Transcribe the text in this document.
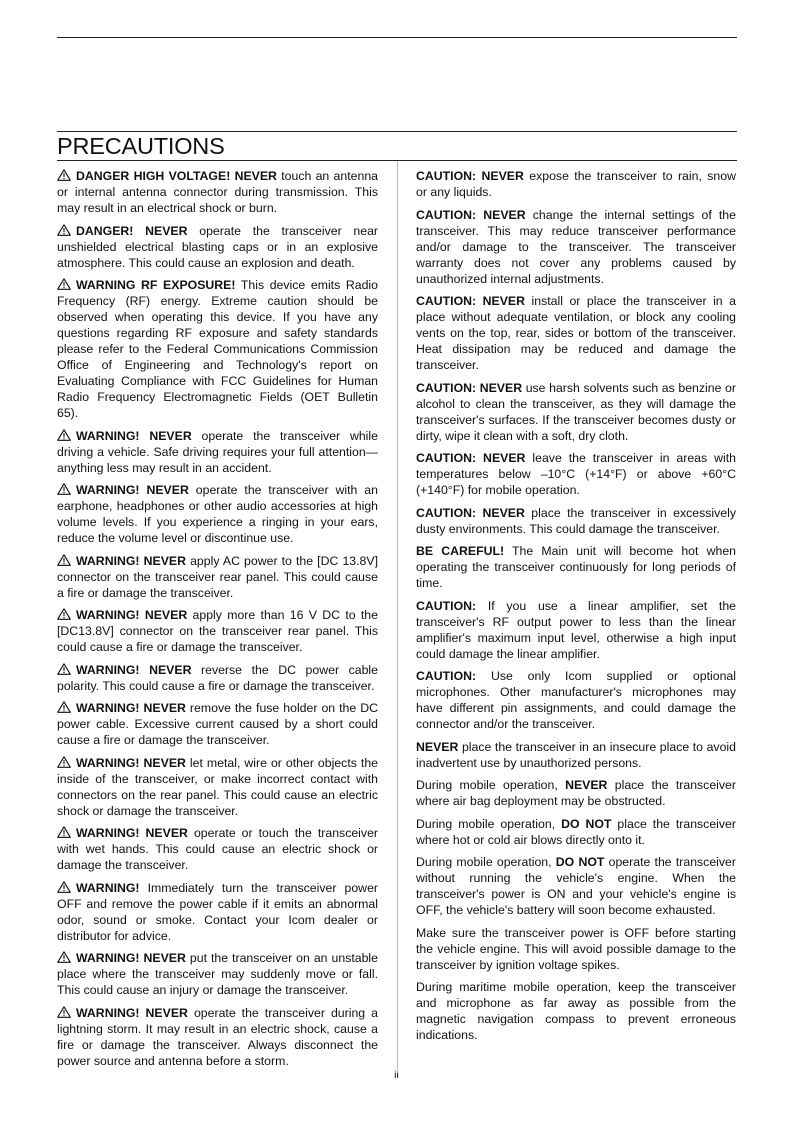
PRECAUTIONS

DANGER HIGH VOLTAGE! NEVER touch an antenna or internal antenna connector during transmission. This may result in an electrical shock or burn.

DANGER! NEVER operate the transceiver near unshielded electrical blasting caps or in an explosive atmosphere. This could cause an explosion and death.

WARNING RF EXPOSURE! This device emits Radio Frequency (RF) energy. Extreme caution should be observed when operating this device. If you have any questions regarding RF exposure and safety standards please refer to the Federal Communications Commission Office of Engineering and Technology's report on Evaluating Compliance with FCC Guidelines for Human Radio Frequency Electromagnetic Fields (OET Bulletin 65).

WARNING! NEVER operate the transceiver while driving a vehicle. Safe driving requires your full attention—anything less may result in an accident.

WARNING! NEVER operate the transceiver with an earphone, headphones or other audio accessories at high volume levels. If you experience a ringing in your ears, reduce the volume level or discontinue use.

WARNING! NEVER apply AC power to the [DC 13.8V] connector on the transceiver rear panel. This could cause a fire or damage the transceiver.

WARNING! NEVER apply more than 16 V DC to the [DC13.8V] connector on the transceiver rear panel. This could cause a fire or damage the transceiver.

WARNING! NEVER reverse the DC power cable polarity. This could cause a fire or damage the transceiver.

WARNING! NEVER remove the fuse holder on the DC power cable. Excessive current caused by a short could cause a fire or damage the transceiver.

WARNING! NEVER let metal, wire or other objects the inside of the transceiver, or make incorrect contact with connectors on the rear panel. This could cause an electric shock or damage the transceiver.

WARNING! NEVER operate or touch the transceiver with wet hands. This could cause an electric shock or damage the transceiver.

WARNING! Immediately turn the transceiver power OFF and remove the power cable if it emits an abnormal odor, sound or smoke. Contact your Icom dealer or distributor for advice.

WARNING! NEVER put the transceiver on an unstable place where the transceiver may suddenly move or fall. This could cause an injury or damage the transceiver.

WARNING! NEVER operate the transceiver during a lightning storm. It may result in an electric shock, cause a fire or damage the transceiver. Always disconnect the power source and antenna before a storm.

CAUTION: NEVER expose the transceiver to rain, snow or any liquids.

CAUTION: NEVER change the internal settings of the transceiver. This may reduce transceiver performance and/or damage to the transceiver. The transceiver warranty does not cover any problems caused by unauthorized internal adjustments.

CAUTION: NEVER install or place the transceiver in a place without adequate ventilation, or block any cooling vents on the top, rear, sides or bottom of the transceiver. Heat dissipation may be reduced and damage the transceiver.

CAUTION: NEVER use harsh solvents such as benzine or alcohol to clean the transceiver, as they will damage the transceiver's surfaces. If the transceiver becomes dusty or dirty, wipe it clean with a soft, dry cloth.

CAUTION: NEVER leave the transceiver in areas with temperatures below –10°C (+14°F) or above +60°C (+140°F) for mobile operation.

CAUTION: NEVER place the transceiver in excessively dusty environments. This could damage the transceiver.

BE CAREFUL! The Main unit will become hot when operating the transceiver continuously for long periods of time.

CAUTION: If you use a linear amplifier, set the transceiver's RF output power to less than the linear amplifier's maximum input level, otherwise a high input could damage the linear amplifier.

CAUTION: Use only Icom supplied or optional microphones. Other manufacturer's microphones may have different pin assignments, and could damage the connector and/or the transceiver.

NEVER place the transceiver in an insecure place to avoid inadvertent use by unauthorized persons.

During mobile operation, NEVER place the transceiver where air bag deployment may be obstructed.

During mobile operation, DO NOT place the transceiver where hot or cold air blows directly onto it.

During mobile operation, DO NOT operate the transceiver without running the vehicle's engine. When the transceiver's power is ON and your vehicle's engine is OFF, the vehicle's battery will soon become exhausted.

Make sure the transceiver power is OFF before starting the vehicle engine. This will avoid possible damage to the transceiver by ignition voltage spikes.

During maritime mobile operation, keep the transceiver and microphone as far away as possible from the magnetic navigation compass to prevent erroneous indications.

ii
